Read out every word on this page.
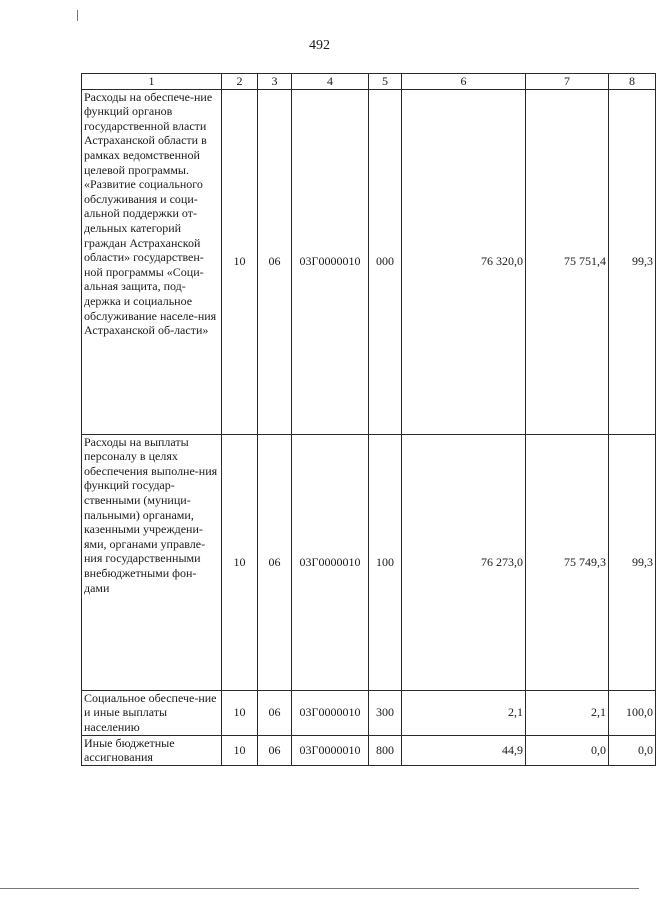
492
1	2	3	4	5	6	7	8
Расходы на обеспече-ние функций органов государственной власти Астраханской области в рамках ведомственной целевой программы. «Развитие социального обслуживания и соци-альной поддержки от-дельных категорий граждан Астраханской области» государствен-ной программы «Соци-альная защита, под-держка и социальное обслуживание населе-ния Астраханской об-ласти»	10	06	03Г0000010	000	76 320,0	75 751,4	99,3
Расходы на выплаты персоналу в целях обеспечения выполне-ния функций государ-ственными (муници-пальными) органами, казенными учреждени-ями, органами управле-ния государственными внебюджетными фон-дами	10	06	03Г0000010	100	76 273,0	75 749,3	99,3
Социальное обеспече-ние и иные выплаты населению	10	06	03Г0000010	300	2,1	2,1	100,0
Иные бюджетные ассигнования	10	06	03Г0000010	800	44,9	0,0	0,0
